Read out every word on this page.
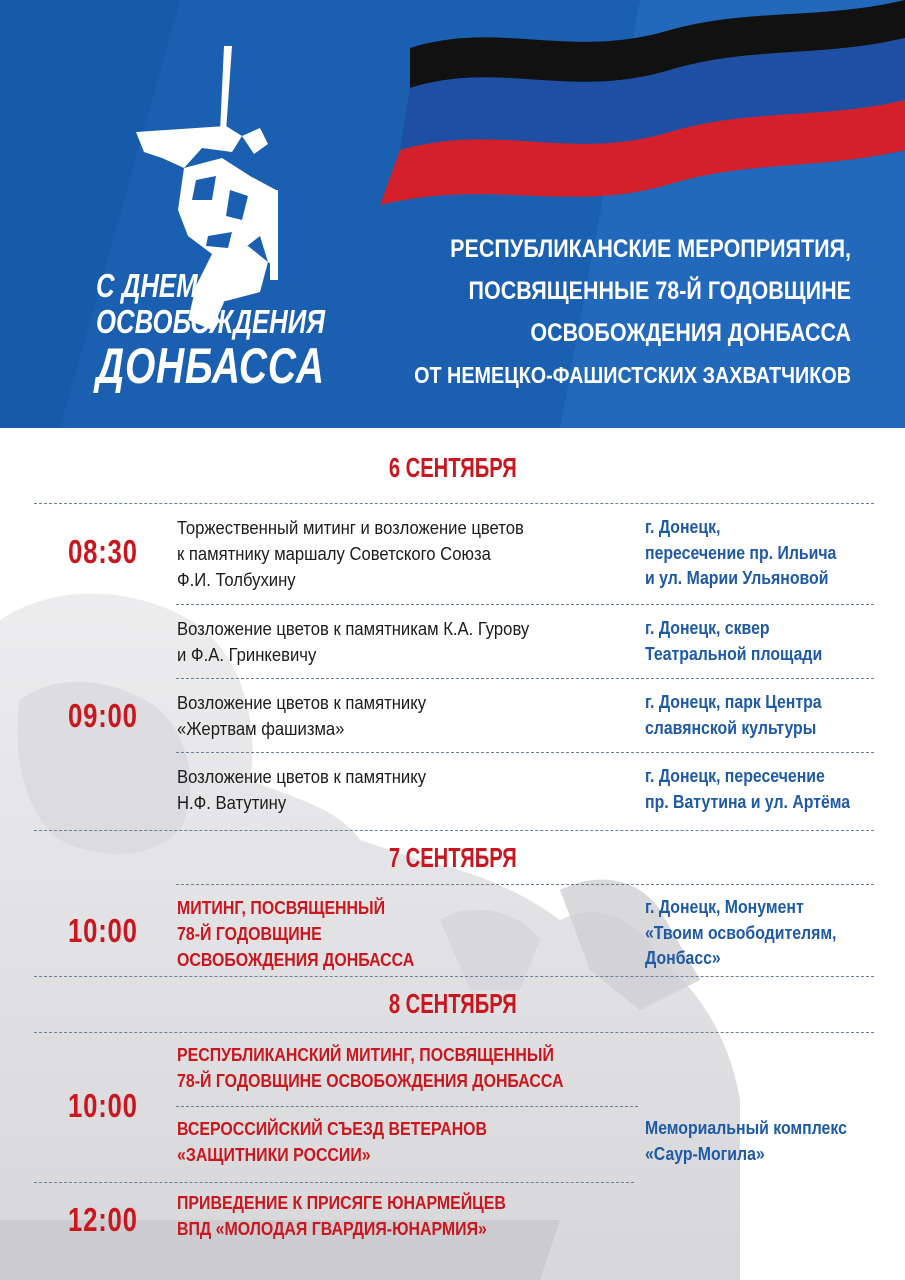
С ДНЕМ
ОСВОБОЖДЕНИЯ
ДОНБАССА
РЕСПУБЛИКАНСКИЕ МЕРОПРИЯТИЯ,
ПОСВЯЩЕННЫЕ 78-Й ГОДОВЩИНЕ
ОСВОБОЖДЕНИЯ ДОНБАССА
ОТ НЕМЕЦКО-ФАШИСТСКИХ ЗАХВАТЧИКОВ
6 СЕНТЯБРЯ
08:30
Торжественный митинг и возложение цветов
к памятнику маршалу Советского Союза
Ф.И. Толбухину
г. Донецк,
пересечение пр. Ильича
и ул. Марии Ульяновой
Возложение цветов к памятникам К.А. Гурову
и Ф.А. Гринкевичу
г. Донецк, сквер
Театральной площади
09:00	Возложение цветов к памятнику
«Жертвам фашизма»
г. Донецк, парк Центра
славянской культуры
Возложение цветов к памятнику
Н.Ф. Ватутину
г. Донецк, пересечение
пр. Ватутина и ул. Артёма
7 СЕНТЯБРЯ
10:00
МИТИНГ, ПОСВЯЩЕННЫЙ
78-Й ГОДОВЩИНЕ
ОСВОБОЖДЕНИЯ ДОНБАССА
г. Донецк, Монумент
«Твоим освободителям,
Донбасс»
8 СЕНТЯБРЯ
10:00
РЕСПУБЛИКАНСКИЙ МИТИНГ, ПОСВЯЩЕННЫЙ
78-Й ГОДОВЩИНЕ ОСВОБОЖДЕНИЯ ДОНБАССА
ВСЕРОССИЙСКИЙ СЪЕЗД ВЕТЕРАНОВ
«ЗАЩИТНИКИ РОССИИ»
Мемориальный комплекс
«Саур-Могила»
12:00	ПРИВЕДЕНИЕ К ПРИСЯГЕ ЮНАРМЕЙЦЕВ
ВПД «МОЛОДАЯ ГВАРДИЯ-ЮНАРМИЯ»
